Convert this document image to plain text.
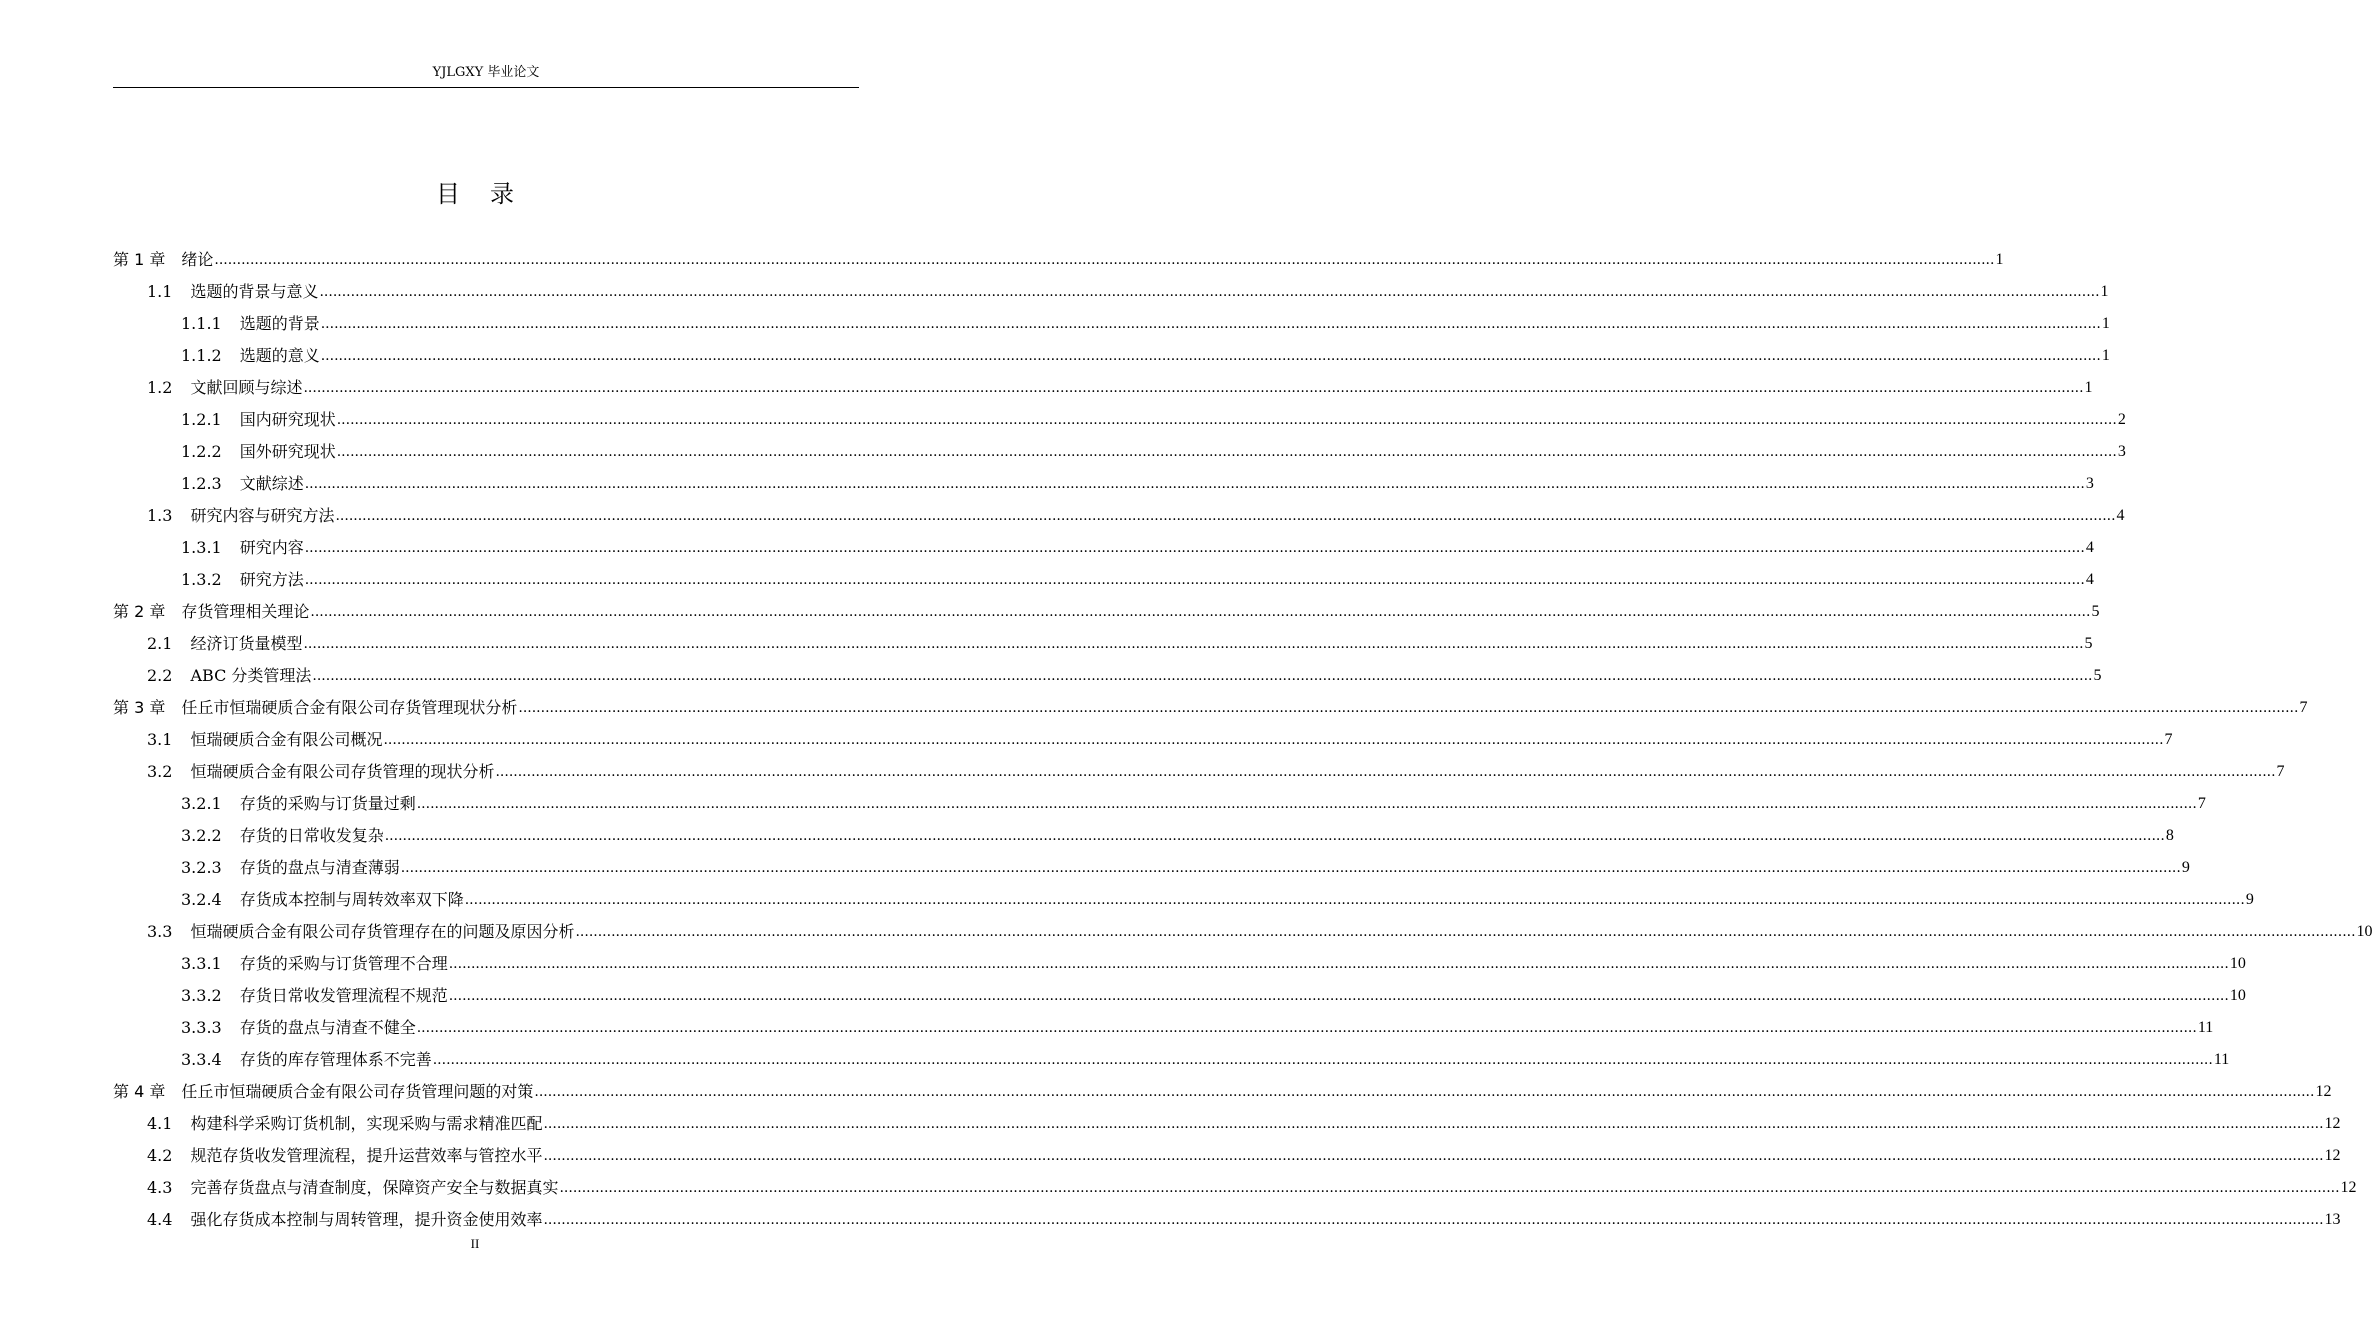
YJLGXY 毕业论文
目录
第 1 章 绪论 ................................................................................................................................................................................................................................................................................................................................................................................................................ 1
1.1 选题的背景与意义 ................................................................................................................................................................................................................................................................................................................................................................................................................ 1
1.1.1 选题的背景 ................................................................................................................................................................................................................................................................................................................................................................................................................ 1
1.1.2 选题的意义 ................................................................................................................................................................................................................................................................................................................................................................................................................ 1
1.2 文献回顾与综述 ................................................................................................................................................................................................................................................................................................................................................................................................................ 1
1.2.1 国内研究现状 ................................................................................................................................................................................................................................................................................................................................................................................................................ 2
1.2.2 国外研究现状 ................................................................................................................................................................................................................................................................................................................................................................................................................ 3
1.2.3 文献综述 ................................................................................................................................................................................................................................................................................................................................................................................................................ 3
1.3 研究内容与研究方法 ................................................................................................................................................................................................................................................................................................................................................................................................................ 4
1.3.1 研究内容 ................................................................................................................................................................................................................................................................................................................................................................................................................ 4
1.3.2 研究方法 ................................................................................................................................................................................................................................................................................................................................................................................................................ 4
第 2 章 存货管理相关理论 ................................................................................................................................................................................................................................................................................................................................................................................................................ 5
2.1 经济订货量模型 ................................................................................................................................................................................................................................................................................................................................................................................................................ 5
2.2 ABC 分类管理法 ................................................................................................................................................................................................................................................................................................................................................................................................................ 5
第 3 章 任丘市恒瑞硬质合金有限公司存货管理现状分析 ................................................................................................................................................................................................................................................................................................................................................................................................................ 7
3.1 恒瑞硬质合金有限公司概况 ................................................................................................................................................................................................................................................................................................................................................................................................................ 7
3.2 恒瑞硬质合金有限公司存货管理的现状分析 ................................................................................................................................................................................................................................................................................................................................................................................................................ 7
3.2.1 存货的采购与订货量过剩 ................................................................................................................................................................................................................................................................................................................................................................................................................ 7
3.2.2 存货的日常收发复杂 ................................................................................................................................................................................................................................................................................................................................................................................................................ 8
3.2.3 存货的盘点与清查薄弱 ................................................................................................................................................................................................................................................................................................................................................................................................................ 9
3.2.4 存货成本控制与周转效率双下降 ................................................................................................................................................................................................................................................................................................................................................................................................................ 9
3.3 恒瑞硬质合金有限公司存货管理存在的问题及原因分析 ................................................................................................................................................................................................................................................................................................................................................................................................................ 10
3.3.1 存货的采购与订货管理不合理 ................................................................................................................................................................................................................................................................................................................................................................................................................ 10
3.3.2 存货日常收发管理流程不规范 ................................................................................................................................................................................................................................................................................................................................................................................................................ 10
3.3.3 存货的盘点与清查不健全 ................................................................................................................................................................................................................................................................................................................................................................................................................ 11
3.3.4 存货的库存管理体系不完善 ................................................................................................................................................................................................................................................................................................................................................................................................................ 11
第 4 章 任丘市恒瑞硬质合金有限公司存货管理问题的对策 ................................................................................................................................................................................................................................................................................................................................................................................................................ 12
4.1 构建科学采购订货机制，实现采购与需求精准匹配 ................................................................................................................................................................................................................................................................................................................................................................................................................ 12
4.2 规范存货收发管理流程，提升运营效率与管控水平 ................................................................................................................................................................................................................................................................................................................................................................................................................ 12
4.3 完善存货盘点与清查制度，保障资产安全与数据真实 ................................................................................................................................................................................................................................................................................................................................................................................................................ 12
4.4 强化存货成本控制与周转管理，提升资金使用效率 ................................................................................................................................................................................................................................................................................................................................................................................................................ 13
II
